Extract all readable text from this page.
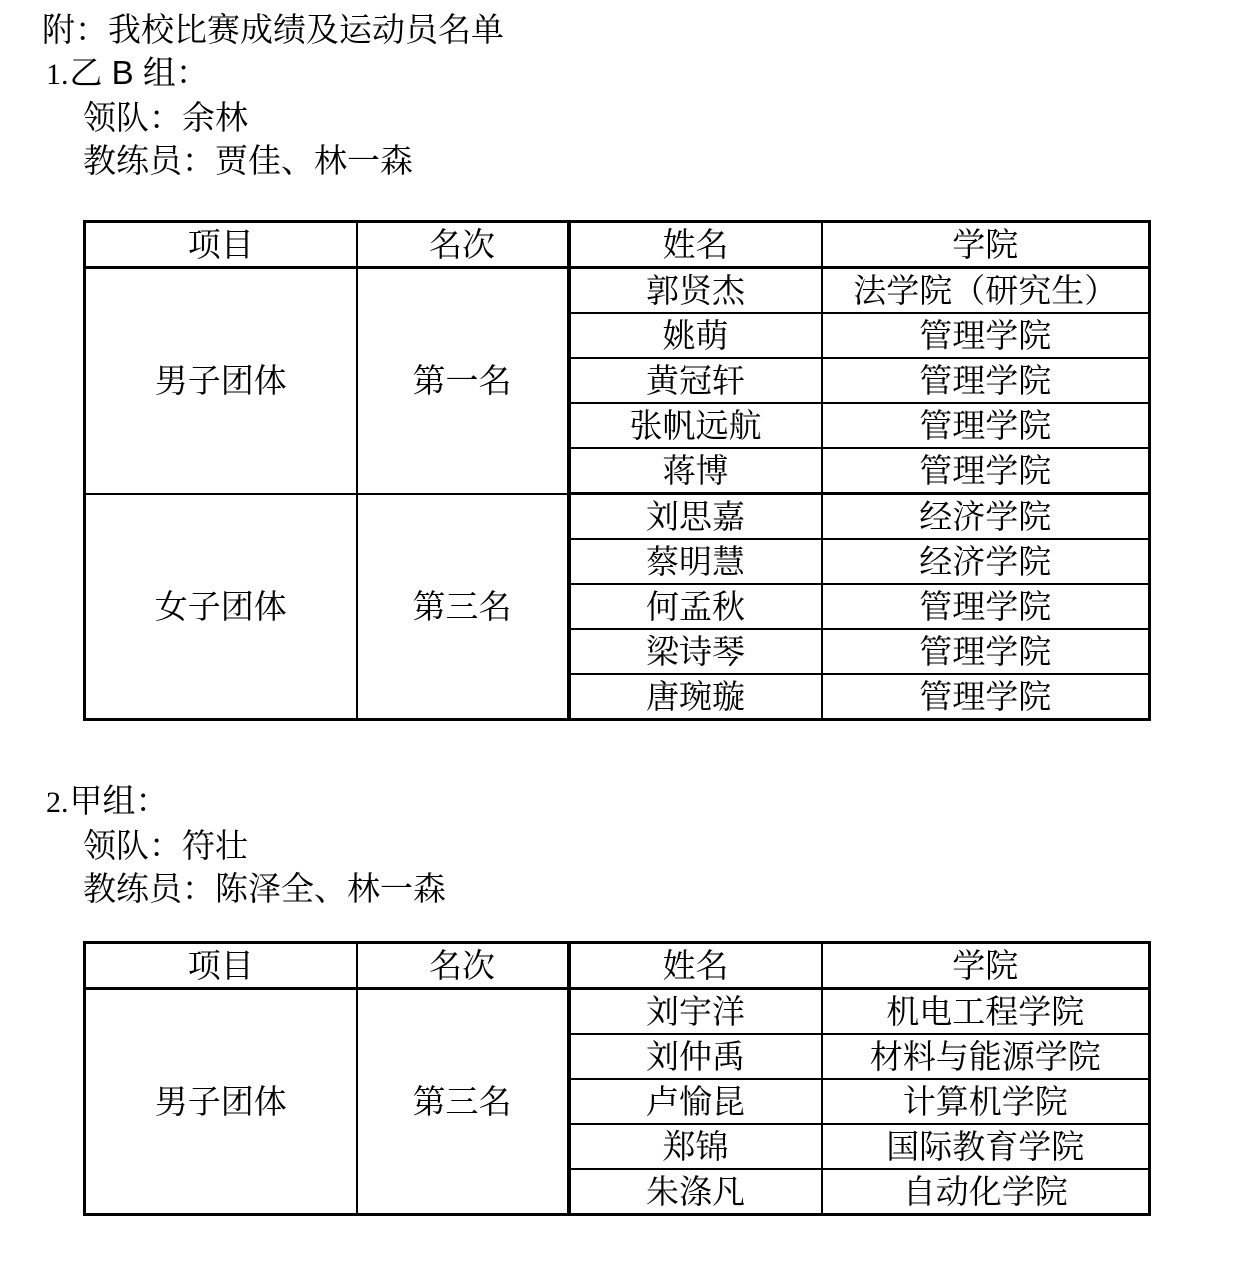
附：我校比赛成绩及运动员名单

1.乙 B 组：

领队：余林

教练员：贾佳、林一森

项目	名次	姓名	学院
男子团体	第一名	郭贤杰	法学院（研究生）
		姚萌	管理学院
		黄冠轩	管理学院
		张帆远航	管理学院
		蒋博	管理学院
女子团体	第三名	刘思嘉	经济学院
		蔡明慧	经济学院
		何孟秋	管理学院
		梁诗琴	管理学院
		唐琬璇	管理学院

2.甲组：

领队：符壮

教练员：陈泽全、林一森

项目	名次	姓名	学院
男子团体	第三名	刘宇洋	机电工程学院
		刘仲禹	材料与能源学院
		卢愉昆	计算机学院
		郑锦	国际教育学院
		朱涤凡	自动化学院
